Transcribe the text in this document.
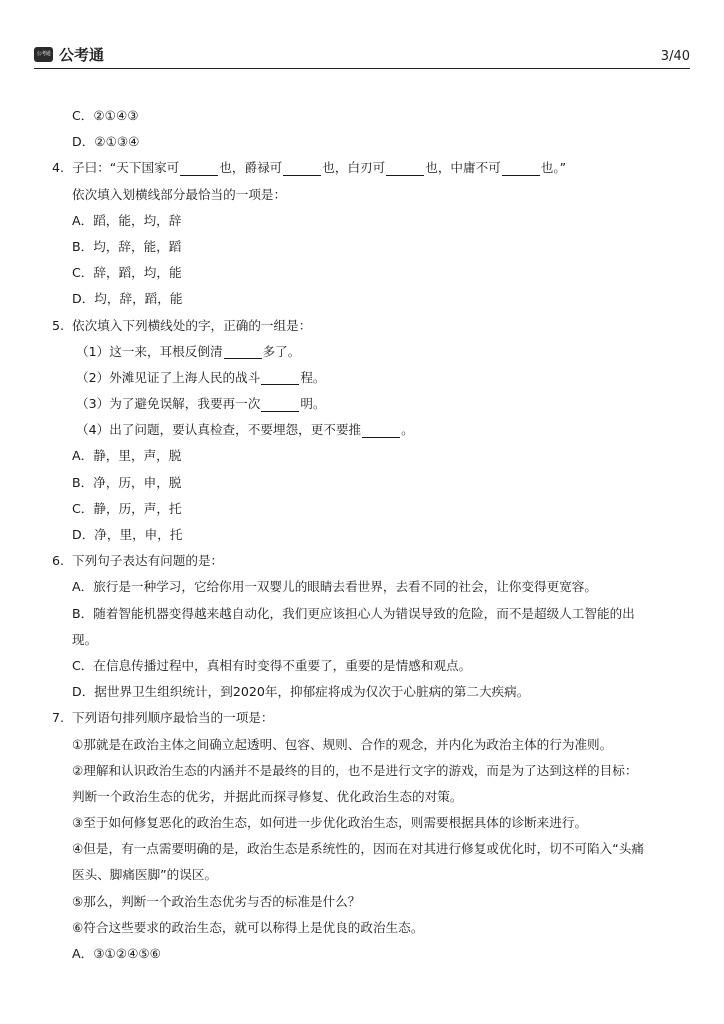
公考通 公考通	3/40
C．②①④③
D．②①③④
4. 子曰：“天下国家可	也，爵禄可	也，白刃可	也，中庸不可	也。”
依次填入划横线部分最恰当的一项是：
A．蹈，能，均，辞
B．均，辞，能，蹈
C．辞，蹈，均，能
D．均，辞，蹈，能
5. 依次填入下列横线处的字，正确的一组是：
（1）这一来，耳根反倒清	多了。
（2）外滩见证了上海人民的战斗	程。
（3）为了避免误解，我要再一次	明。
（4）出了问题，要认真检查，不要埋怨，更不要推	。
A．静，里，声，脱
B．净，历，申，脱
C．静，历，声，托
D．净，里，申，托
6. 下列句子表达有问题的是：
A．旅行是一种学习，它给你用一双婴儿的眼睛去看世界，去看不同的社会，让你变得更宽容。
B．随着智能机器变得越来越自动化，我们更应该担心人为错误导致的危险，而不是超级人工智能的出
现。
C．在信息传播过程中，真相有时变得不重要了，重要的是情感和观点。
D．据世界卫生组织统计，到2020年，抑郁症将成为仅次于心脏病的第二大疾病。
7. 下列语句排列顺序最恰当的一项是：
①那就是在政治主体之间确立起透明、包容、规则、合作的观念，并内化为政治主体的行为准则。
②理解和认识政治生态的内涵并不是最终的目的，也不是进行文字的游戏，而是为了达到这样的目标：
判断一个政治生态的优劣，并据此而探寻修复、优化政治生态的对策。
③至于如何修复恶化的政治生态，如何进一步优化政治生态，则需要根据具体的诊断来进行。
④但是，有一点需要明确的是，政治生态是系统性的，因而在对其进行修复或优化时，切不可陷入“头痛
医头、脚痛医脚”的误区。
⑤那么，判断一个政治生态优劣与否的标准是什么？
⑥符合这些要求的政治生态，就可以称得上是优良的政治生态。
A．③①②④⑤⑥
